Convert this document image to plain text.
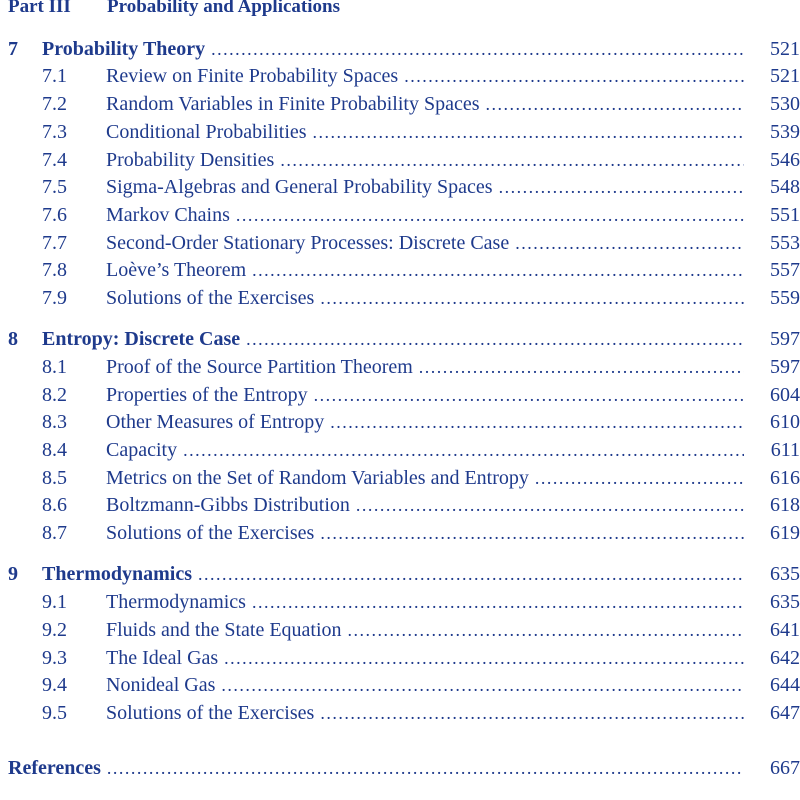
Part III Probability and Applications
7	Probability Theory . . .	521
7.1	Review on Finite Probability Spaces . . .	521
7.2	Random Variables in Finite Probability Spaces . . .	530
7.3	Conditional Probabilities . . .	539
7.4	Probability Densities . . .	546
7.5	Sigma-Algebras and General Probability Spaces . . .	548
7.6	Markov Chains . . .	551
7.7	Second-Order Stationary Processes: Discrete Case . . .	553
7.8	Loève’s Theorem . . .	557
7.9	Solutions of the Exercises . . .	559
8	Entropy: Discrete Case . . .	597
8.1	Proof of the Source Partition Theorem . . .	597
8.2	Properties of the Entropy . . .	604
8.3	Other Measures of Entropy . . .	610
8.4	Capacity . . .	611
8.5	Metrics on the Set of Random Variables and Entropy . . .	616
8.6	Boltzmann-Gibbs Distribution . . .	618
8.7	Solutions of the Exercises . . .	619
9	Thermodynamics . . .	635
9.1	Thermodynamics . . .	635
9.2	Fluids and the State Equation . . .	641
9.3	The Ideal Gas . . .	642
9.4	Nonideal Gas . . .	644
9.5	Solutions of the Exercises . . .	647
References . . .	667
